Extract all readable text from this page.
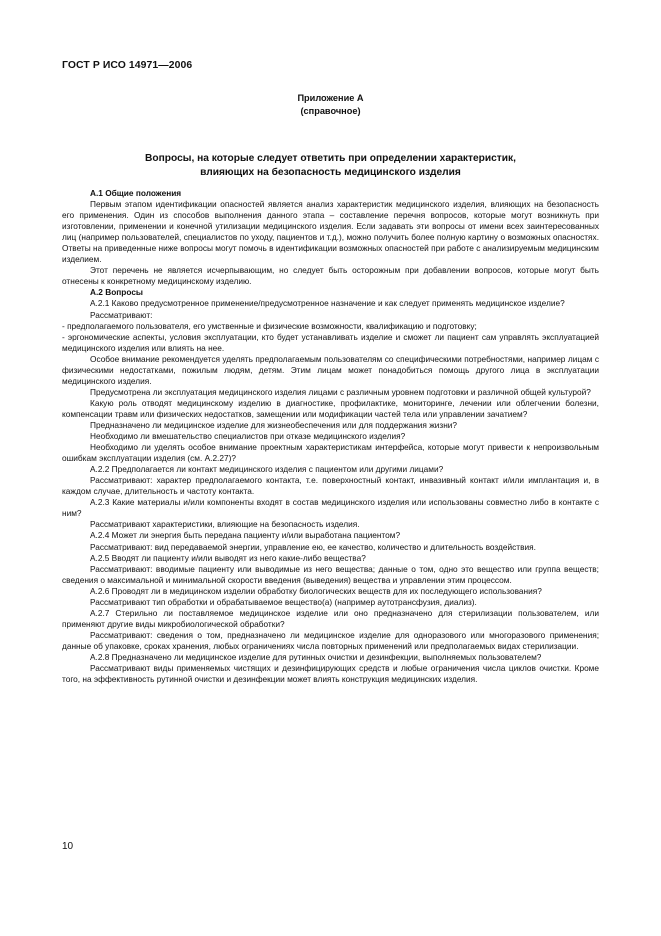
ГОСТ Р ИСО 14971—2006
Приложение А
(справочное)
Вопросы, на которые следует ответить при определении характеристик,
влияющих на безопасность медицинского изделия

А.1 Общие положения

Первым этапом идентификации опасностей является анализ характеристик медицинского изделия, влияющих на безопасность его применения. Один из способов выполнения данного этапа – составление перечня вопросов, которые могут возникнуть при изготовлении, применении и конечной утилизации медицинского изделия. Если задавать эти вопросы от имени всех заинтересованных лиц (например пользователей, специалистов по уходу, пациентов и т.д.), можно получить более полную картину о возможных опасностях. Ответы на приведенные ниже вопросы могут помочь в идентификации возможных опасностей при работе с анализируемым медицинским изделием.

Этот перечень не является исчерпывающим, но следует быть осторожным при добавлении вопросов, которые могут быть отнесены к конкретному медицинскому изделию.

А.2 Вопросы

А.2.1 Каково предусмотренное применение/предусмотренное назначение и как следует применять медицинское изделие?

Рассматривают:

- предполагаемого пользователя, его умственные и физические возможности, квалификацию и подготовку;

- эргономические аспекты, условия эксплуатации, кто будет устанавливать изделие и сможет ли пациент сам управлять эксплуатацией медицинского изделия или влиять на нее.

Особое внимание рекомендуется уделять предполагаемым пользователям со специфическими потребностями, например лицам с физическими недостатками, пожилым людям, детям. Этим лицам может понадобиться помощь другого лица в эксплуатации медицинского изделия.

Предусмотрена ли эксплуатация медицинского изделия лицами с различным уровнем подготовки и различной общей культурой?

Какую роль отводят медицинскому изделию в диагностике, профилактике, мониторинге, лечении или облегчении болезни, компенсации травм или физических недостатков, замещении или модификации частей тела или управлении зачатием?

Предназначено ли медицинское изделие для жизнеобеспечения или для поддержания жизни?

Необходимо ли вмешательство специалистов при отказе медицинского изделия?

Необходимо ли уделять особое внимание проектным характеристикам интерфейса, которые могут привести к непроизвольным ошибкам эксплуатации изделия (см. А.2.27)?

А.2.2 Предполагается ли контакт медицинского изделия с пациентом или другими лицами?

Рассматривают: характер предполагаемого контакта, т.е. поверхностный контакт, инвазивный контакт и/или имплантация и, в каждом случае, длительность и частоту контакта.

А.2.3 Какие материалы и/или компоненты входят в состав медицинского изделия или использованы совместно либо в контакте с ним?

Рассматривают характеристики, влияющие на безопасность изделия.

А.2.4 Может ли энергия быть передана пациенту и/или выработана пациентом?

Рассматривают: вид передаваемой энергии, управление ею, ее качество, количество и длительность воздействия.

А.2.5 Вводят ли пациенту и/или выводят из него какие-либо вещества?

Рассматривают: вводимые пациенту или выводимые из него вещества; данные о том, одно это вещество или группа веществ; сведения о максимальной и минимальной скорости введения (выведения) вещества и управлении этим процессом.

А.2.6 Проводят ли в медицинском изделии обработку биологических веществ для их последующего использования?

Рассматривают тип обработки и обрабатываемое вещество(а) (например аутотрансфузия, диализ).

А.2.7 Стерильно ли поставляемое медицинское изделие или оно предназначено для стерилизации пользователем, или применяют другие виды микробиологической обработки?

Рассматривают: сведения о том, предназначено ли медицинское изделие для одноразового или многоразового применения; данные об упаковке, сроках хранения, любых ограничениях числа повторных применений или предполагаемых видах стерилизации.

А.2.8 Предназначено ли медицинское изделие для рутинных очистки и дезинфекции, выполняемых пользователем?

Рассматривают виды применяемых чистящих и дезинфицирующих средств и любые ограничения числа циклов очистки. Кроме того, на эффективность рутинной очистки и дезинфекции может влиять конструкция медицинских изделия.

10
